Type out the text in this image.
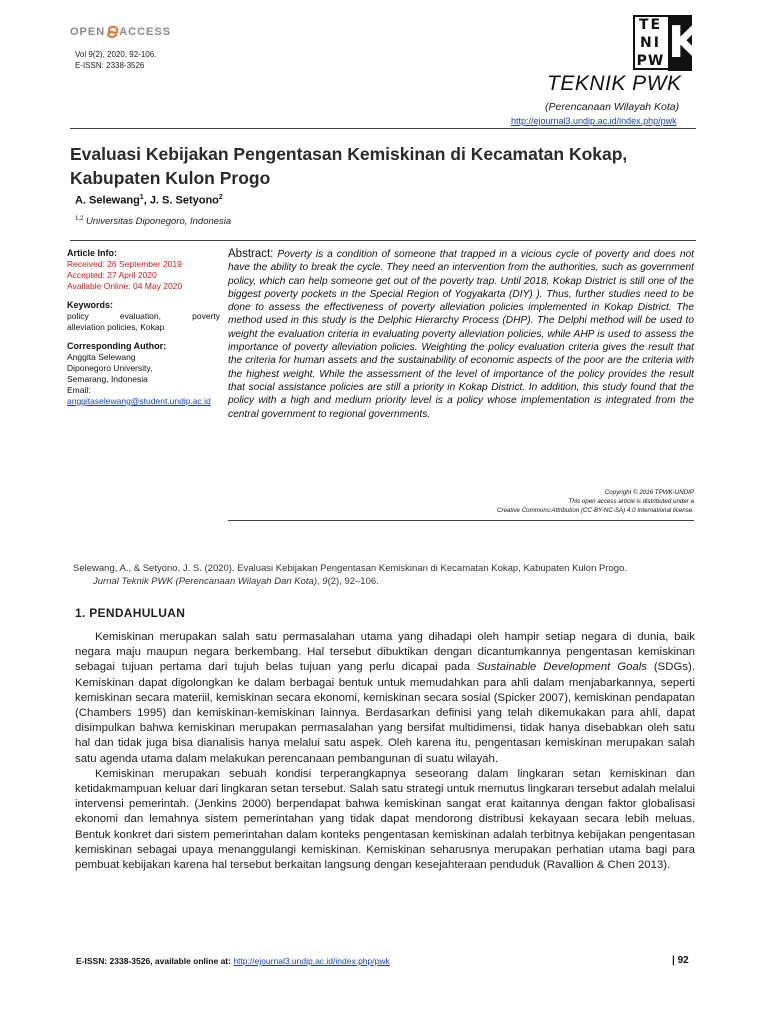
OPEN ACCESS
Vol 9(2), 2020, 92-106.
E-ISSN: 2338-3526
TE
NI
PW K
TEKNIK PWK
(Perencanaan Wilayah Kota)
http://ejournal3.undip.ac.id/index.php/pwk
Evaluasi Kebijakan Pengentasan Kemiskinan di Kecamatan Kokap, Kabupaten Kulon Progo
A. Selewang$^1$, J. S. Setyono$^2$
$^{1,2}$ Universitas Diponegoro, Indonesia
Article Info:
Received: 26 September 2019
Accepted: 27 April 2020
Available Online: 04 May 2020
Keywords:
policy	evaluation,	poverty
alleviation policies, Kokap
Corresponding Author:
Anggita Selewang
Diponegoro University,
Semarang, Indonesia
Email:
anggitaselewang@student.undip.ac.id
Abstract: Poverty is a condition of someone that trapped in a vicious cycle of poverty and does not have the ability to break the cycle. They need an intervention from the authorities, such as government policy, which can help someone get out of the poverty trap. Until 2018, Kokap District is still one of the biggest poverty pockets in the Special Region of Yogyakarta (DIY) ). Thus, further studies need to be done to assess the effectiveness of poverty alleviation policies implemented in Kokap District. The method used in this study is the Delphic Hierarchy Process (DHP). The Delphi method will be used to weight the evaluation criteria in evaluating poverty alleviation policies, while AHP is used to assess the importance of poverty alleviation policies. Weighting the policy evaluation criteria gives the result that the criteria for human assets and the sustainability of economic aspects of the poor are the criteria with the highest weight. While the assessment of the level of importance of the policy provides the result that social assistance policies are still a priority in Kokap District. In addition, this study found that the policy with a high and medium priority level is a policy whose implementation is integrated from the central government to regional governments.
Copyright © 2016 TPWK-UNDIP
This open access article is distributed under a
Creative Commons Attribution (CC-BY-NC-SA) 4.0 International license.
Selewang, A., & Setyono, J. S. (2020). Evaluasi Kebijakan Pengentasan Kemiskinan di Kecamatan Kokap, Kabupaten Kulon Progo.
Jurnal Teknik PWK (Perencanaan Wilayah Dan Kota), 9(2), 92–106.
1. PENDAHULUAN

Kemiskinan merupakan salah satu permasalahan utama yang dihadapi oleh hampir setiap negara di dunia, baik negara maju maupun negara berkembang. Hal tersebut dibuktikan dengan dicantumkannya pengentasan kemiskinan sebagai tujuan pertama dari tujuh belas tujuan yang perlu dicapai pada Sustainable Development Goals (SDGs). Kemiskinan dapat digolongkan ke dalam berbagai bentuk untuk memudahkan para ahli dalam menjabarkannya, seperti kemiskinan secara materiil, kemiskinan secara ekonomi, kemiskinan secara sosial (Spicker 2007), kemiskinan pendapatan (Chambers 1995) dan kemiskinan-kemiskinan lainnya. Berdasarkan definisi yang telah dikemukakan para ahli, dapat disimpulkan bahwa kemiskinan merupakan permasalahan yang bersifat multidimensi, tidak hanya disebabkan oleh satu hal dan tidak juga bisa dianalisis hanya melalui satu aspek. Oleh karena itu, pengentasan kemiskinan merupakan salah satu agenda utama dalam melakukan perencanaan pembangunan di suatu wilayah.

Kemiskinan merupakan sebuah kondisi terperangkapnya seseorang dalam lingkaran setan kemiskinan dan ketidakmampuan keluar dari lingkaran setan tersebut. Salah satu strategi untuk memutus lingkaran tersebut adalah melalui intervensi pemerintah. (Jenkins 2000) berpendapat bahwa kemiskinan sangat erat kaitannya dengan faktor globalisasi ekonomi dan lemahnya sistem pemerintahan yang tidak dapat mendorong distribusi kekayaan secara lebih meluas. Bentuk konkret dari sistem pemerintahan dalam konteks pengentasan kemiskinan adalah terbitnya kebijakan pengentasan kemiskinan sebagai upaya menanggulangi kemiskinan. Kemiskinan seharusnya merupakan perhatian utama bagi para pembuat kebijakan karena hal tersebut berkaitan langsung dengan kesejahteraan penduduk (Ravallion & Chen 2013).

E-ISSN: 2338-3526, available online at: http://ejournal3.undip.ac.id/index.php/pwk	| 92
